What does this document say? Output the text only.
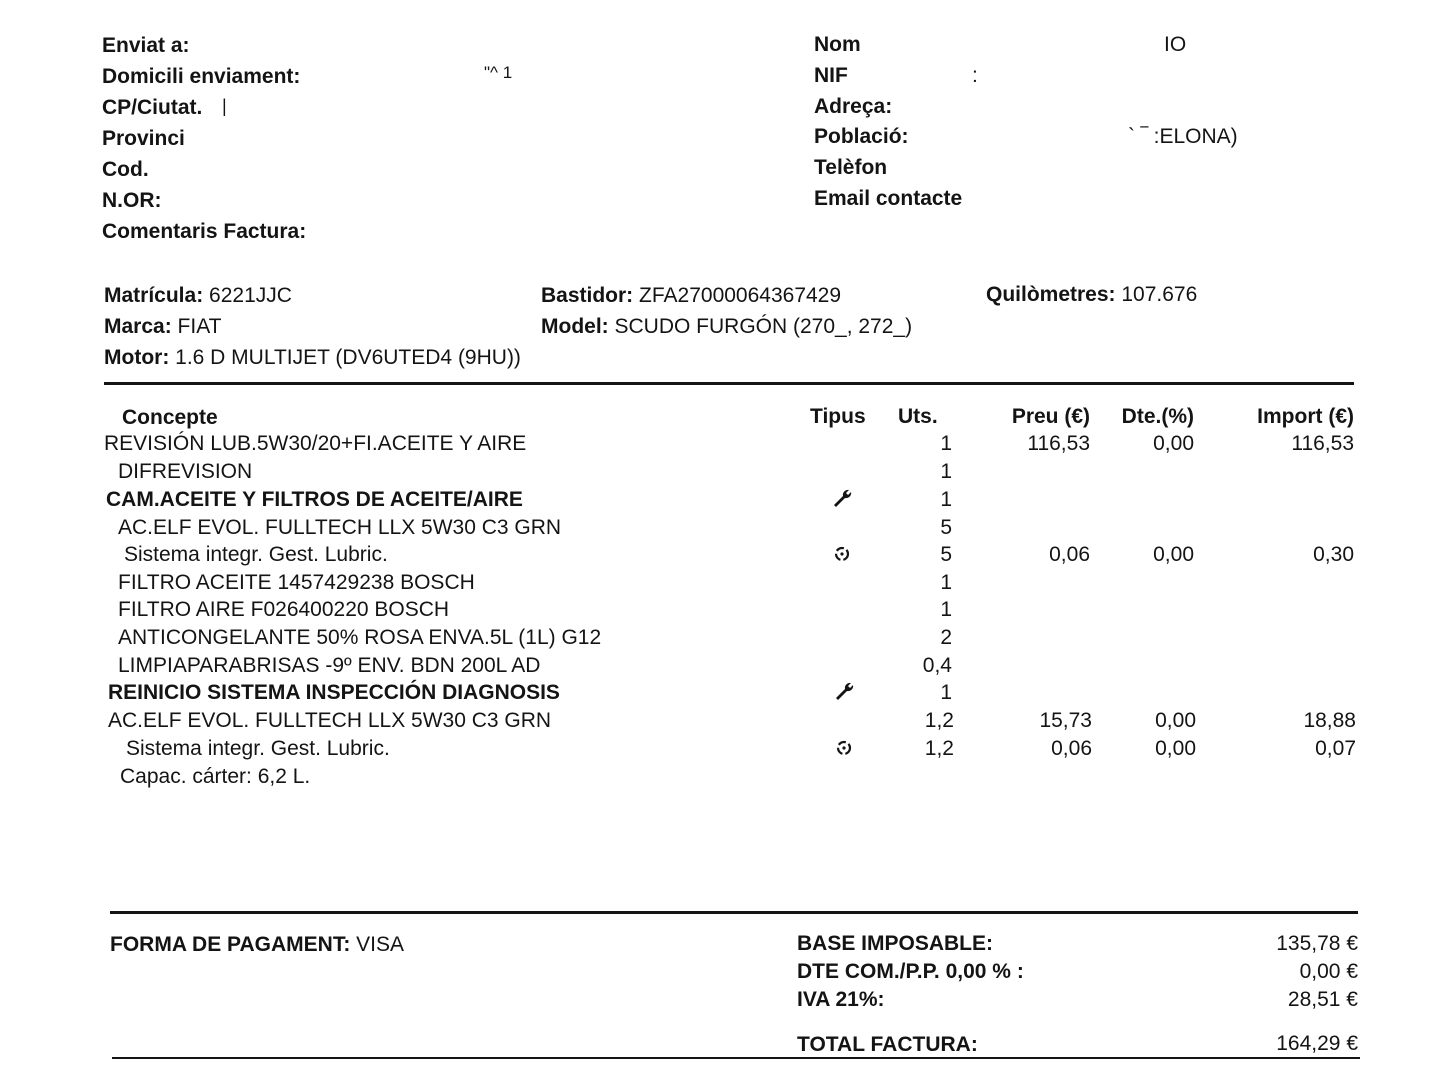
Enviat a:
Domicili enviament:	"^ 1
CP/Ciutat. |
Provinci
Cod.
N.OR:
Comentaris Factura:
Nom	IO
NIF	:
Adreça:
Població:	` ‾ :ELONA)
Telèfon
Email contacte
Matrícula: 6221JJC	Bastidor: ZFA27000064367429	Quilòmetres: 107.676
Marca: FIAT	Model: SCUDO FURGÓN (270_, 272_)
Motor: 1.6 D MULTIJET (DV6UTED4 (9HU))
Concepte	Tipus Uts.	Preu (€)	Dte.(%)	Import (€)
REVISIÓN LUB.5W30/20+FI.ACEITE Y AIRE	1	116,53	0,00	116,53
DIFREVISION	1
CAM.ACEITE Y FILTROS DE ACEITE/AIRE	1
AC.ELF EVOL. FULLTECH LLX 5W30 C3 GRN	5
Sistema integr. Gest. Lubric.	5	0,06	0,00	0,30
FILTRO ACEITE 1457429238 BOSCH	1
FILTRO AIRE F026400220 BOSCH	1
ANTICONGELANTE 50% ROSA ENVA.5L (1L) G12	2
LIMPIAPARABRISAS -9º ENV. BDN 200L AD	0,4
REINICIO SISTEMA INSPECCIÓN DIAGNOSIS	1
AC.ELF EVOL. FULLTECH LLX 5W30 C3 GRN	1,2	15,73	0,00	18,88
Sistema integr. Gest. Lubric.	1,2	0,06	0,00	0,07
Capac. cárter: 6,2 L.
FORMA DE PAGAMENT: VISA	BASE IMPOSABLE:	135,78 €
DTE COM./P.P. 0,00 % :	0,00 €
IVA 21%:	28,51 €
TOTAL FACTURA:	164,29 €
